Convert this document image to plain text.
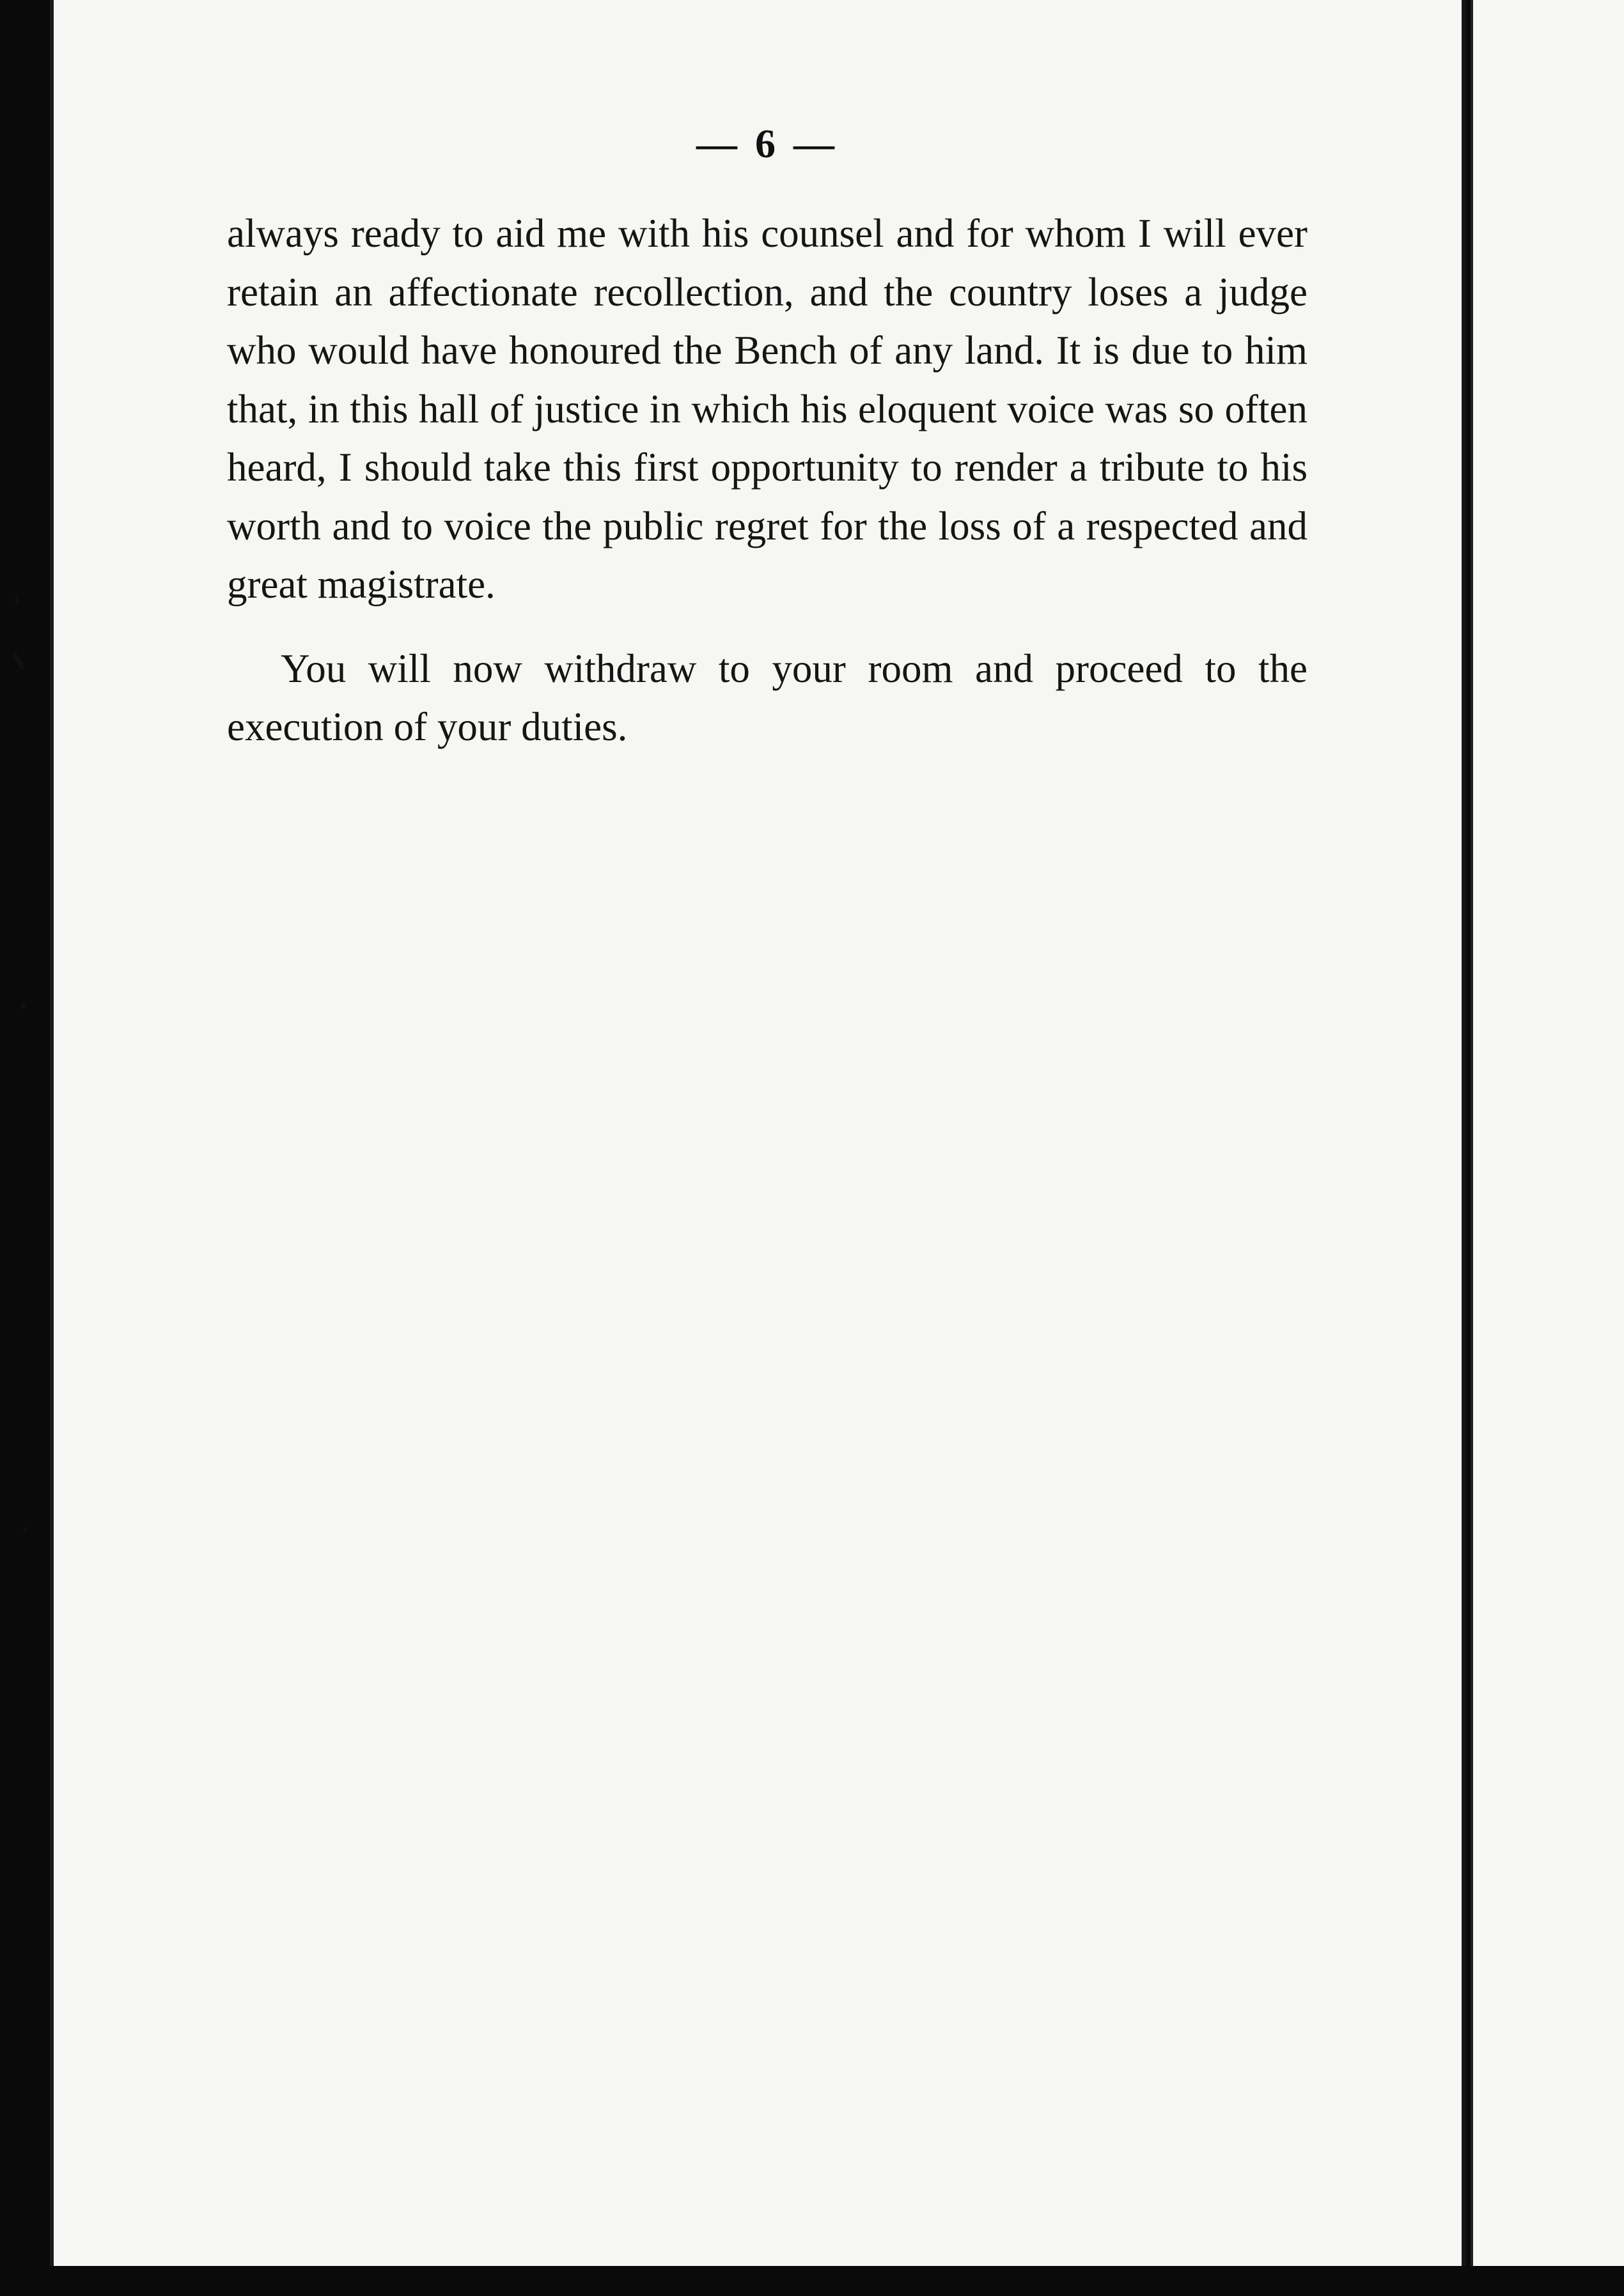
— 6 —

always ready to aid me with his counsel and for whom I will ever retain an affectionate recollection, and the country loses a judge who would have honoured the Bench of any land. It is due to him that, in this hall of justice in which his eloquent voice was so often heard, I should take this first opportunity to render a tribute to his worth and to voice the public regret for the loss of a respected and great magistrate.

You will now withdraw to your room and proceed to the execution of your duties.
